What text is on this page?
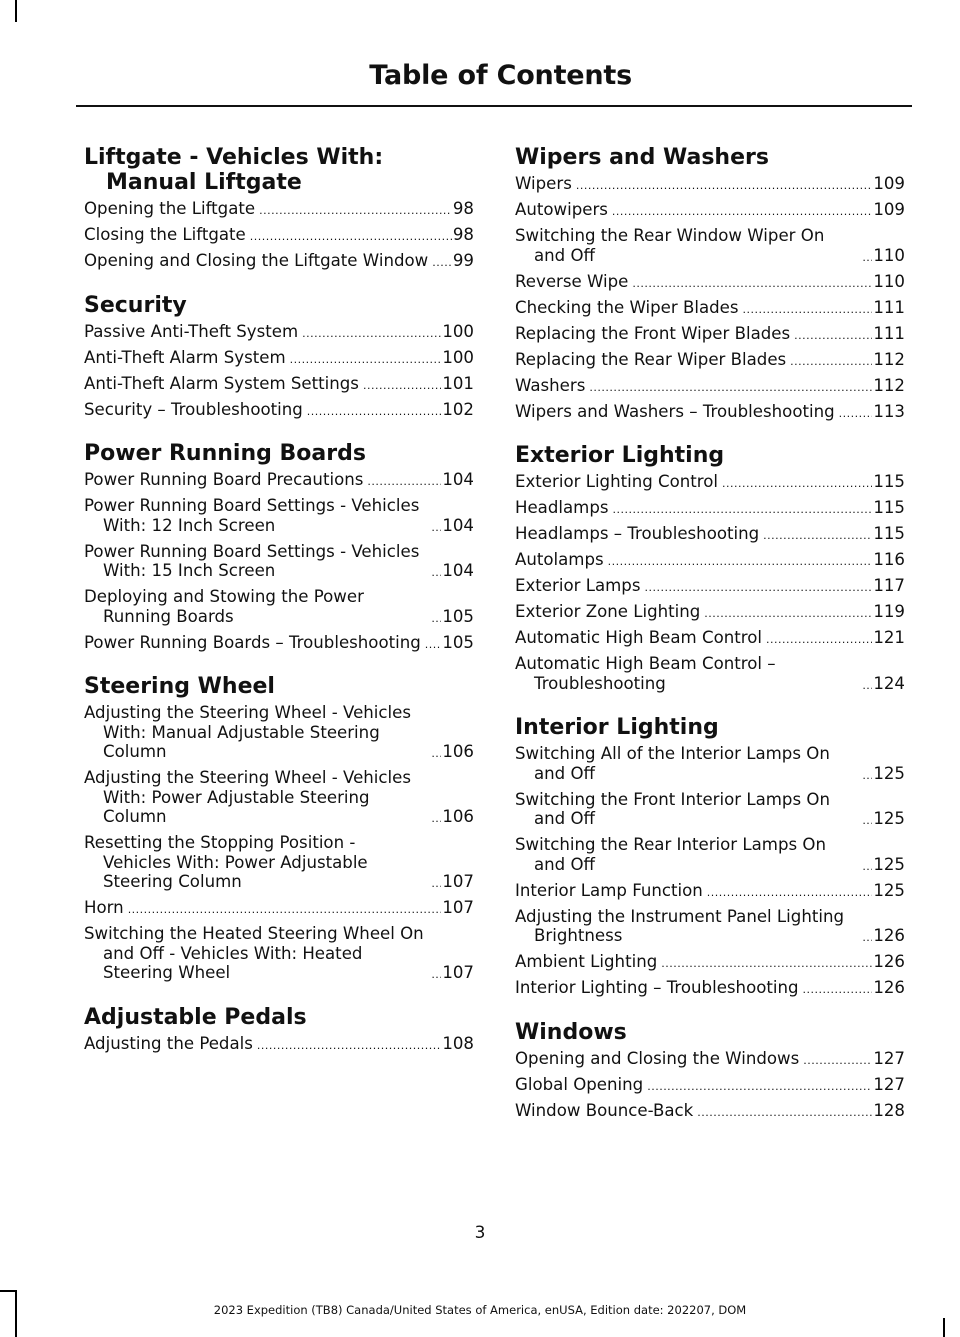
Table of Contents
Liftgate - Vehicles With: Manual Liftgate
Opening the Liftgate .....	98
Closing the Liftgate .....	98
Opening and Closing the Liftgate Window ..... 99
Security
Passive Anti-Theft System .....	100
Anti-Theft Alarm System .....	100
Anti-Theft Alarm System Settings .....	101
Security – Troubleshooting .....	102
Power Running Boards
Power Running Board Precautions .....	104
Power Running Board Settings - Vehicles With: 12 Inch Screen .....	104
Power Running Board Settings - Vehicles With: 15 Inch Screen .....	104
Deploying and Stowing the Power Running Boards .....	105
Power Running Boards – Troubleshooting ..... 105
Steering Wheel
Adjusting the Steering Wheel - Vehicles With: Manual Adjustable Steering Column .....	106
Adjusting the Steering Wheel - Vehicles With: Power Adjustable Steering Column .....	106
Resetting the Stopping Position - Vehicles With: Power Adjustable Steering Column .....	107
Horn .....	107
Switching the Heated Steering Wheel On and Off - Vehicles With: Heated Steering Wheel .....	107
Adjustable Pedals
Adjusting the Pedals .....	108
Wipers and Washers
Wipers .....	109
Autowipers .....	109
Switching the Rear Window Wiper On and Off .....	110
Reverse Wipe .....	110
Checking the Wiper Blades .....	111
Replacing the Front Wiper Blades .....	111
Replacing the Rear Wiper Blades .....	112
Washers .....	112
Wipers and Washers – Troubleshooting ..... 113
Exterior Lighting
Exterior Lighting Control .....	115
Headlamps .....	115
Headlamps – Troubleshooting .....	115
Autolamps .....	116
Exterior Lamps .....	117
Exterior Zone Lighting .....	119
Automatic High Beam Control .....	121
Automatic High Beam Control – Troubleshooting .....	124
Interior Lighting
Switching All of the Interior Lamps On and Off .....	125
Switching the Front Interior Lamps On and Off .....	125
Switching the Rear Interior Lamps On and Off .....	125
Interior Lamp Function .....	125
Adjusting the Instrument Panel Lighting Brightness .....	126
Ambient Lighting .....	126
Interior Lighting – Troubleshooting .....	126
Windows
Opening and Closing the Windows .....	127
Global Opening .....	127
Window Bounce-Back .....	128
3
2023 Expedition (TB8) Canada/United States of America, enUSA, Edition date: 202207, DOM
